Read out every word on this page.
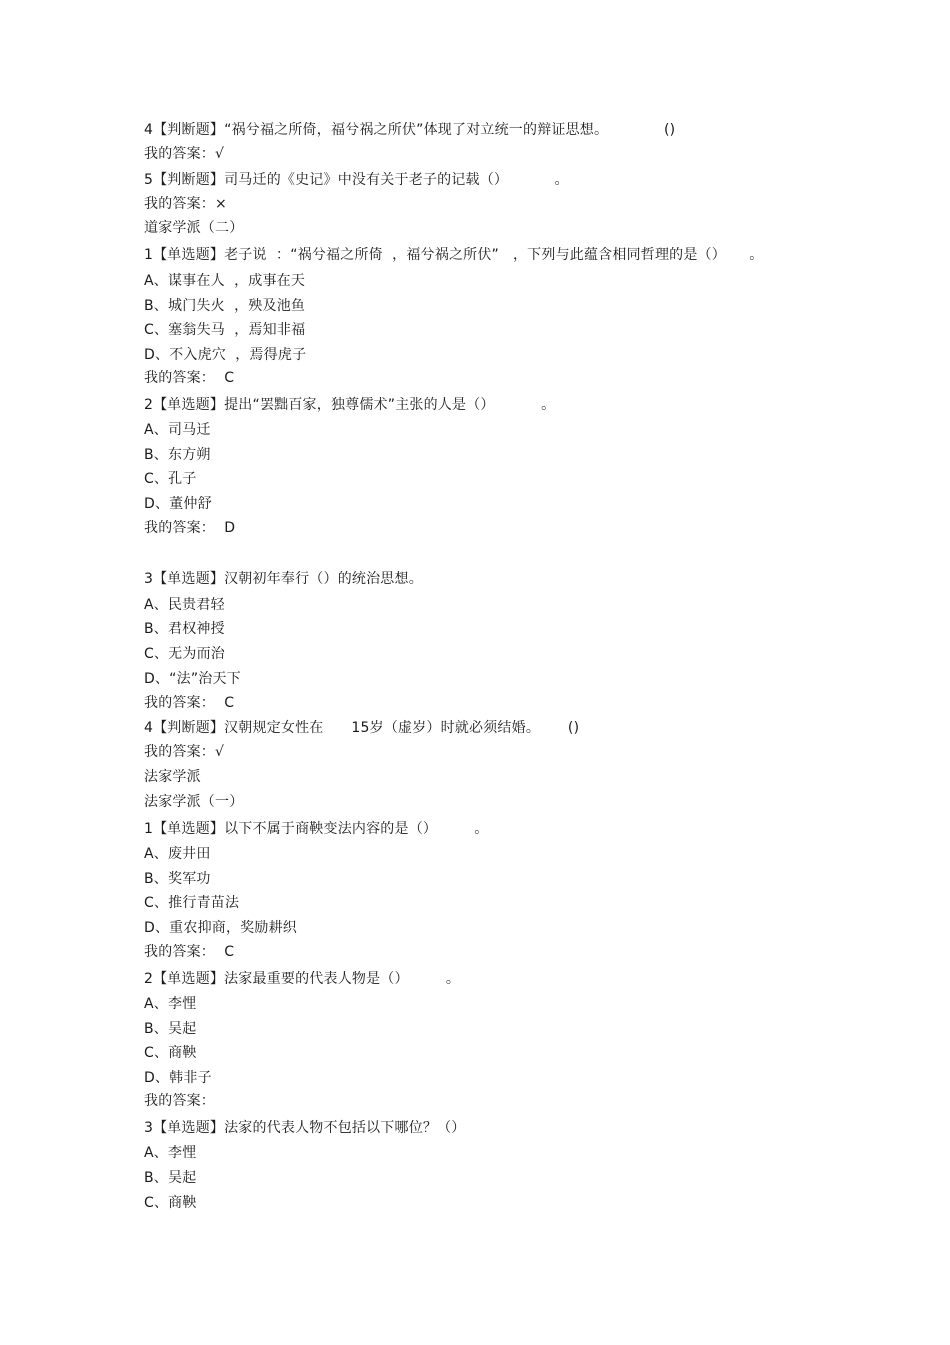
4【判断题】“祸兮福之所倚，福兮祸之所伏”体现了对立统一的辩证思想。            ()
我的答案：√
5【判断题】司马迁的《史记》中没有关于老子的记载（）          。
我的答案：×
道家学派（二）
1【单选题】老子说  ：“祸兮福之所倚  ，福兮祸之所伏”   ，下列与此蕴含相同哲理的是（）     。
A、谋事在人  ，成事在天
B、城门失火  ，殃及池鱼
C、塞翁失马  ，焉知非福
D、不入虎穴  ，焉得虎子
我的答案：  C
2【单选题】提出“罢黜百家，独尊儒术”主张的人是（）          。
A、司马迁
B、东方朔
C、孔子
D、董仲舒
我的答案：  D
3【单选题】汉朝初年奉行（）的统治思想。
A、民贵君轻
B、君权神授
C、无为而治
D、“法”治天下
我的答案：  C
4【判断题】汉朝规定女性在      15岁（虚岁）时就必须结婚。      ()
我的答案：√
法家学派
法家学派（一）
1【单选题】以下不属于商鞅变法内容的是（）        。
A、废井田
B、奖军功
C、推行青苗法
D、重农抑商，奖励耕织
我的答案：  C
2【单选题】法家最重要的代表人物是（）        。
A、李悝
B、吴起
C、商鞅
D、韩非子
我的答案：
3【单选题】法家的代表人物不包括以下哪位？（）
A、李悝
B、吴起
C、商鞅
